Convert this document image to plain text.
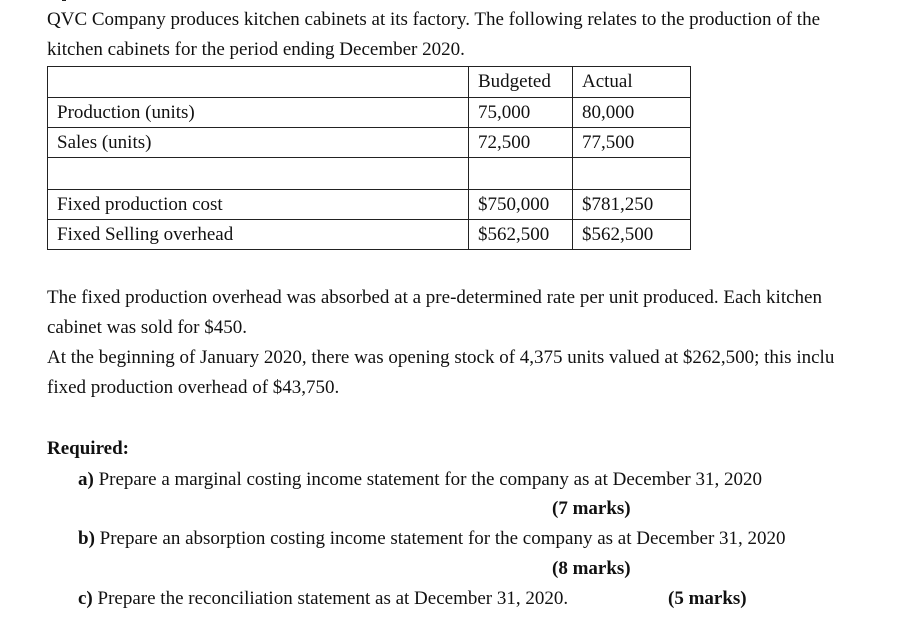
QVC Company produces kitchen cabinets at its factory. The following relates to the production of the
kitchen cabinets for the period ending December 2020.
	Budgeted	Actual
Production (units)	75,000	80,000
Sales (units)	72,500	77,500

Fixed production cost	$750,000	$781,250
Fixed Selling overhead	$562,500	$562,500
The fixed production overhead was absorbed at a pre-determined rate per unit produced. Each kitchen
cabinet was sold for $450.
At the beginning of January 2020, there was opening stock of 4,375 units valued at $262,500; this inclu
fixed production overhead of $43,750.
Required:
a) Prepare a marginal costing income statement for the company as at December 31, 2020
(7 marks)
b) Prepare an absorption costing income statement for the company as at December 31, 2020
(8 marks)
c) Prepare the reconciliation statement as at December 31, 2020.	(5 marks)
